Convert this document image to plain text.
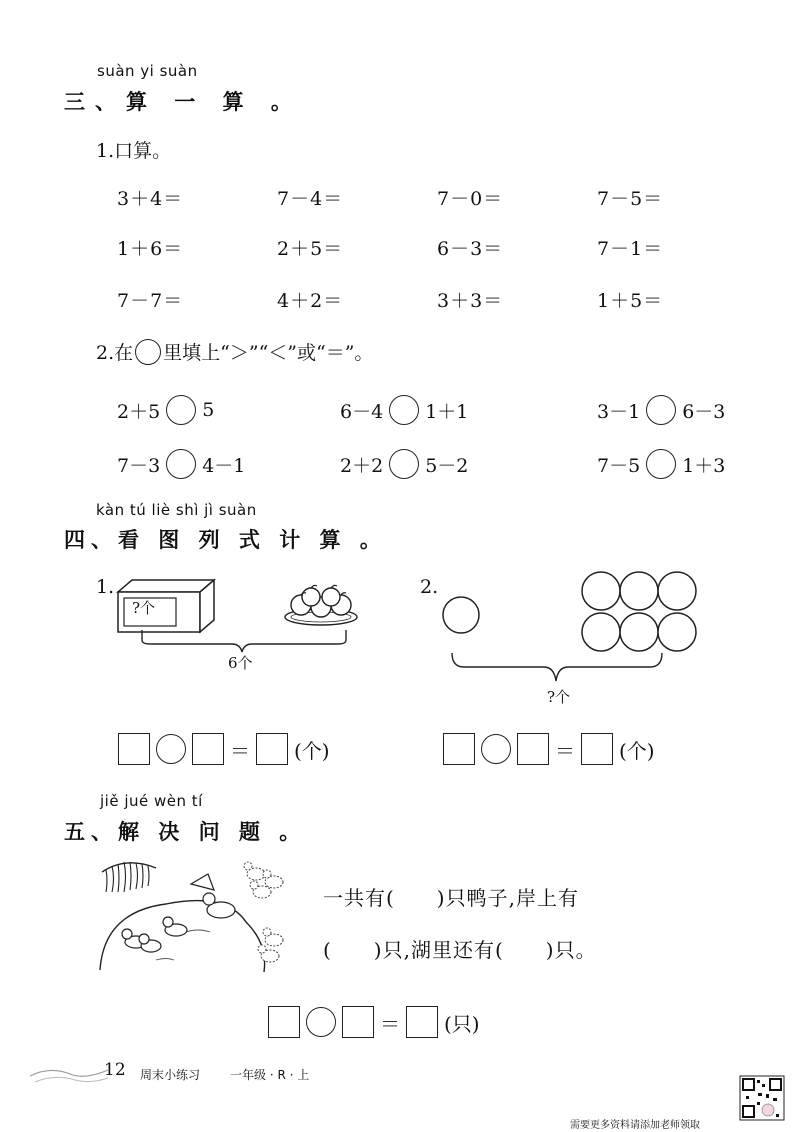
suàn yi suàn
三、算 一 算 。
1.口算。
3＋4＝	7－4＝	7－0＝	7－5＝
1＋6＝	2＋5＝	6－3＝	7－1＝
7－7＝	4＋2＝	3＋3＝	1＋5＝
2.在 里填上“＞”“＜”或“＝”。
2＋5 5	6－4 1＋1	3－1 6－3
7－3 4－1	2＋2 5－2	7－5 1＋3
kàn tú liè shì jì suàn
四、看 图 列 式 计 算 。
1.
?个
6个
＝ (个)
2.
?个
＝ (个)
jiě jué wèn tí
五、解 决 问 题 。
一共有(　　)只鸭子,岸上有
(　　)只,湖里还有(　　)只。
＝ (只)
12 周末小练习 一年级 · R · 上
需要更多资料请添加老师领取
